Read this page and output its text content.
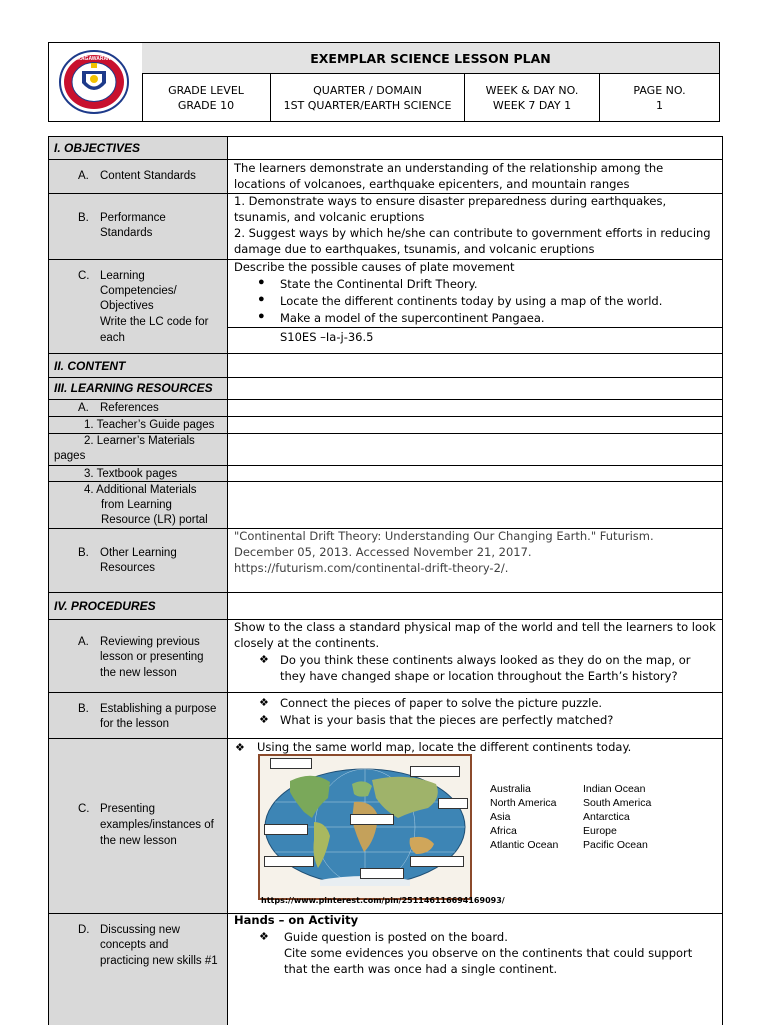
KAGAWARAN	EXEMPLAR SCIENCE LESSON PLAN
GRADE LEVEL
GRADE 10
QUARTER / DOMAIN
1ST QUARTER/EARTH SCIENCE
WEEK & DAY NO.
WEEK 7 DAY 1
PAGE NO.
1
I. OBJECTIVES
A. Content Standards
The learners demonstrate an understanding of the relationship among the locations of volcanoes, earthquake epicenters, and mountain ranges
B. Performance Standards
1. Demonstrate ways to ensure disaster preparedness during earthquakes, tsunamis, and volcanic eruptions
2. Suggest ways by which he/she can contribute to government efforts in reducing damage due to earthquakes, tsunamis, and volcanic eruptions
C. Learning
Competencies/
Objectives
Write the LC code for
each
Describe the possible causes of plate movement
● State the Continental Drift Theory.
● Locate the different continents today by using a map of the world.
● Make a model of the supercontinent Pangaea.
S10ES –Ia-j-36.5
II. CONTENT
III. LEARNING RESOURCES
A. References
1. Teacher’s Guide pages
2. Learner’s Materials
pages
3. Textbook pages
4. Additional Materials
from Learning
Resource (LR) portal
B. Other Learning
Resources
"Continental Drift Theory: Understanding Our Changing Earth." Futurism.
December 05, 2013. Accessed November 21, 2017.
https://futurism.com/continental-drift-theory-2/.
IV. PROCEDURES
A. Reviewing previous
lesson or presenting
the new lesson
Show to the class a standard physical map of the world and tell the learners to look
closely at the continents.
❖ Do you think these continents always looked as they do on the map, or
they have changed shape or location throughout the Earth’s history?
B. Establishing a purpose
for the lesson
❖ Connect the pieces of paper to solve the picture puzzle.
❖ What is your basis that the pieces are perfectly matched?
C. Presenting
examples/instances of
the new lesson
❖ Using the same world map, locate the different continents today.
Australia
North America
Asia
Africa
Atlantic Ocean
Indian Ocean
South America
Antarctica
Europe
Pacific Ocean
https://www.pinterest.com/pin/251146116694169093/
D. Discussing new
concepts and
practicing new skills #1
Hands – on Activity
❖ Guide question is posted on the board.
Cite some evidences you observe on the continents that could support
that the earth was once had a single continent.
